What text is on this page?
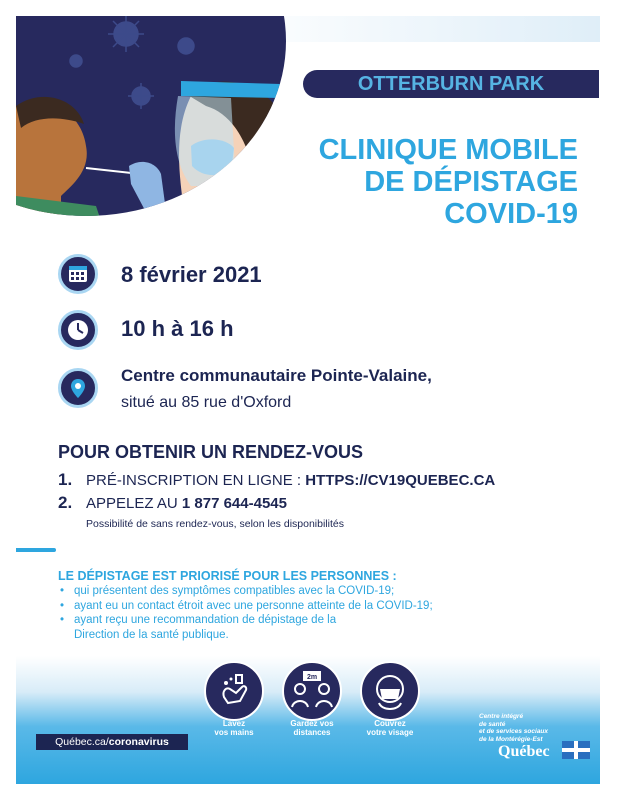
OTTERBURN PARK
CLINIQUE MOBILE
DE DÉPISTAGE
COVID-19
8 février 2021
10 h à 16 h
Centre communautaire Pointe-Valaine,
situé au 85 rue d'Oxford
POUR OBTENIR UN RENDEZ-VOUS
1. PRÉ-INSCRIPTION EN LIGNE : HTTPS://CV19QUEBEC.CA
2. APPELEZ AU 1 877 644-4545
Possibilité de sans rendez-vous, selon les disponibilités
LE DÉPISTAGE EST PRIORISÉ POUR LES PERSONNES :
• qui présentent des symptômes compatibles avec la COVID-19;
• ayant eu un contact étroit avec une personne atteinte de la COVID-19;
• ayant reçu une recommandation de dépistage de la
Direction de la santé publique.
2m
Lavez
vos mains
Gardez vos
distances
Couvrez
votre visage
Québec.ca/coronavirus
Centre intégré
de santé
et de services sociaux
de la Montérégie-Est
Québec
